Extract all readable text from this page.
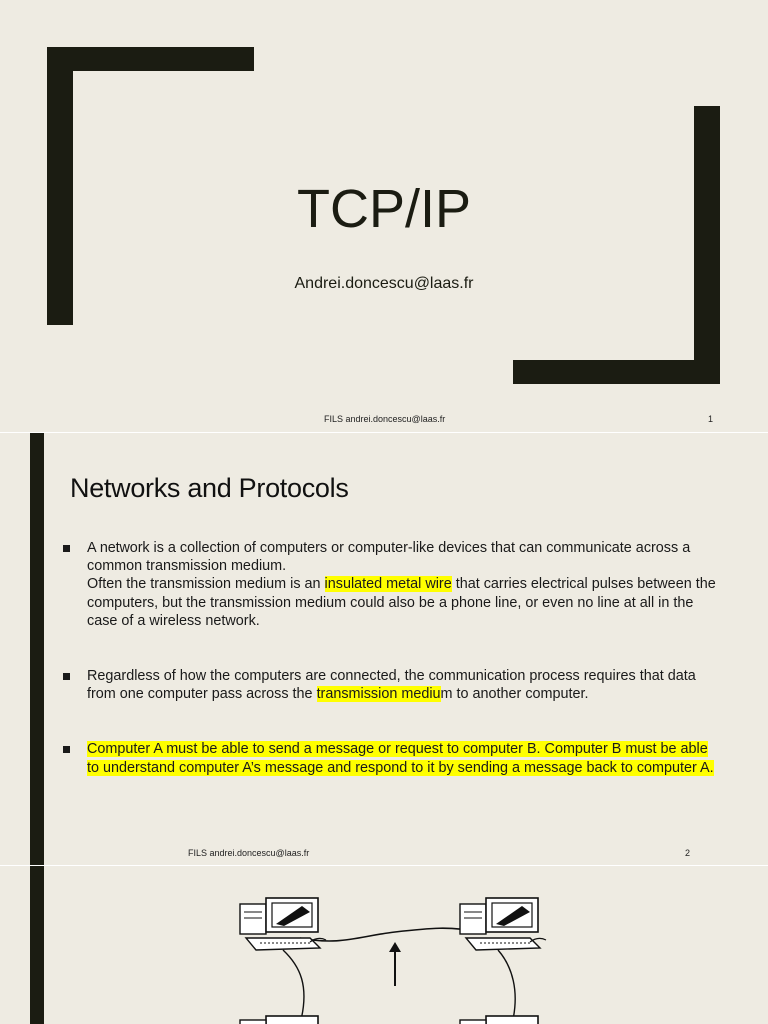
TCP/IP
Andrei.doncescu@laas.fr
FILS andrei.doncescu@laas.fr	1
Networks and Protocols
A network is a collection of computers or computer-like devices that can communicate across a common transmission medium.
Often the transmission medium is an insulated metal wire that carries electrical pulses between the computers, but the transmission medium could also be a phone line, or even no line at all in the case of a wireless network.
Regardless of how the computers are connected, the communication process requires that data from one computer pass across the transmission medium to another computer.
Computer A must be able to send a message or request to computer B. Computer B must be able to understand computer A’s message and respond to it by sending a message back to computer A.
FILS andrei.doncescu@laas.fr	2
